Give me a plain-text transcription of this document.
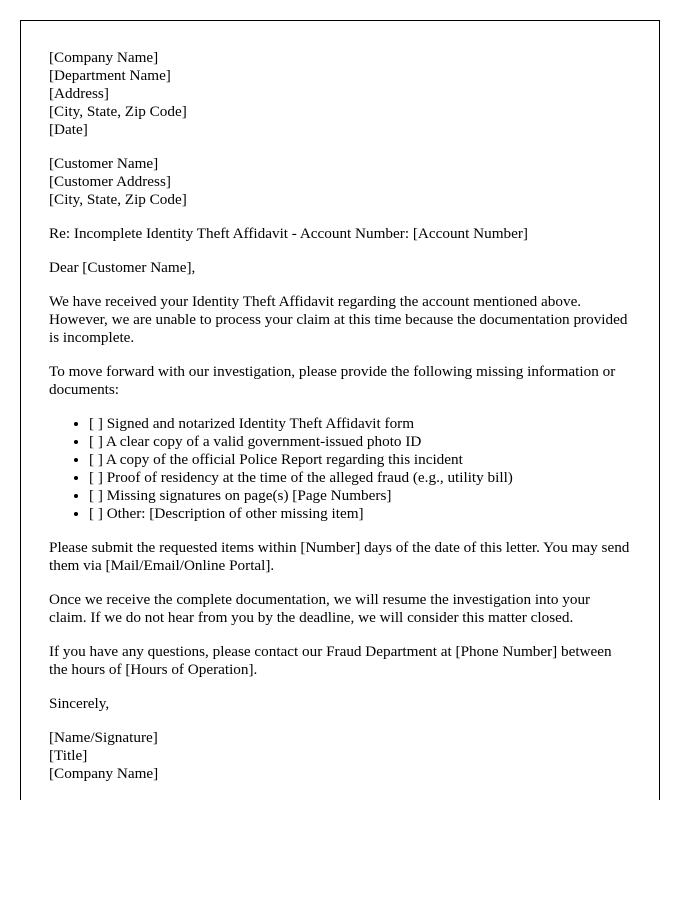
[Company Name]
[Department Name]
[Address]
[City, State, Zip Code]
[Date]
[Customer Name]
[Customer Address]
[City, State, Zip Code]

Re: Incomplete Identity Theft Affidavit - Account Number: [Account Number]

Dear [Customer Name],

We have received your Identity Theft Affidavit regarding the account mentioned above. However, we are unable to process your claim at this time because the documentation provided is incomplete.

To move forward with our investigation, please provide the following missing information or documents:

• [ ] Signed and notarized Identity Theft Affidavit form
• [ ] A clear copy of a valid government-issued photo ID
• [ ] A copy of the official Police Report regarding this incident
• [ ] Proof of residency at the time of the alleged fraud (e.g., utility bill)
• [ ] Missing signatures on page(s) [Page Numbers]
• [ ] Other: [Description of other missing item]

Please submit the requested items within [Number] days of the date of this letter. You may send them via [Mail/Email/Online Portal].

Once we receive the complete documentation, we will resume the investigation into your claim. If we do not hear from you by the deadline, we will consider this matter closed.

If you have any questions, please contact our Fraud Department at [Phone Number] between the hours of [Hours of Operation].

Sincerely,

[Name/Signature]
[Title]
[Company Name]
